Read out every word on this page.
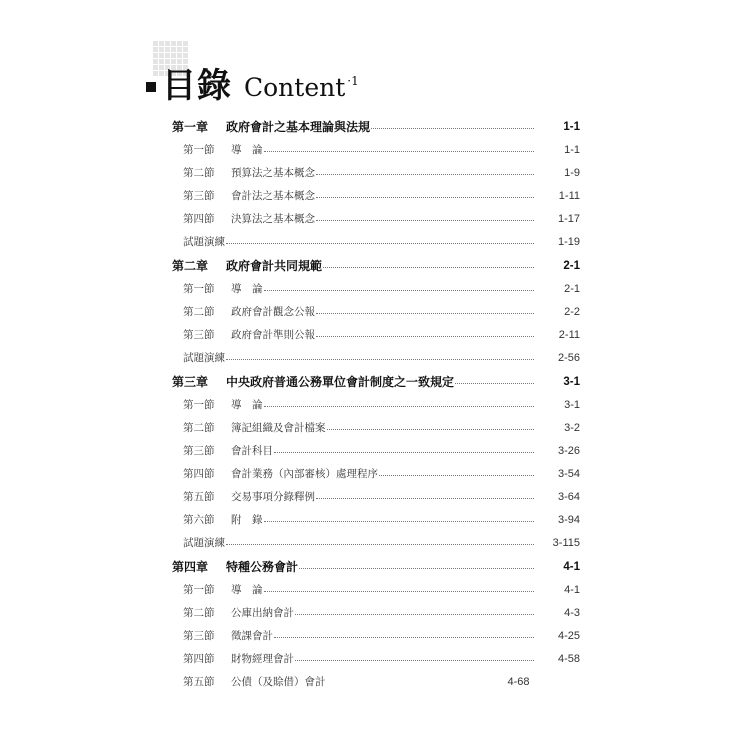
目錄 Content ·1
第一章	政府會計之基本理論與法規	1-1
第一節	導　論	1-1
第二節	預算法之基本概念	1-9
第三節	會計法之基本概念	1-11
第四節	決算法之基本概念	1-17
試題演練	1-19
第二章	政府會計共同規範	2-1
第一節	導　論	2-1
第二節	政府會計觀念公報	2-2
第三節	政府會計準則公報	2-11
試題演練	2-56
第三章	中央政府普通公務單位會計制度之一致規定	3-1
第一節	導　論	3-1
第二節	簿記組織及會計檔案	3-2
第三節	會計科目	3-26
第四節	會計業務（內部審核）處理程序	3-54
第五節	交易事項分錄釋例	3-64
第六節	附　錄	3-94
試題演練	3-115
第四章	特種公務會計	4-1
第一節	導　論	4-1
第二節	公庫出納會計	4-3
第三節	徵課會計	4-25
第四節	財物經理會計	4-58
第五節	公債（及賒借）會計	4-68
